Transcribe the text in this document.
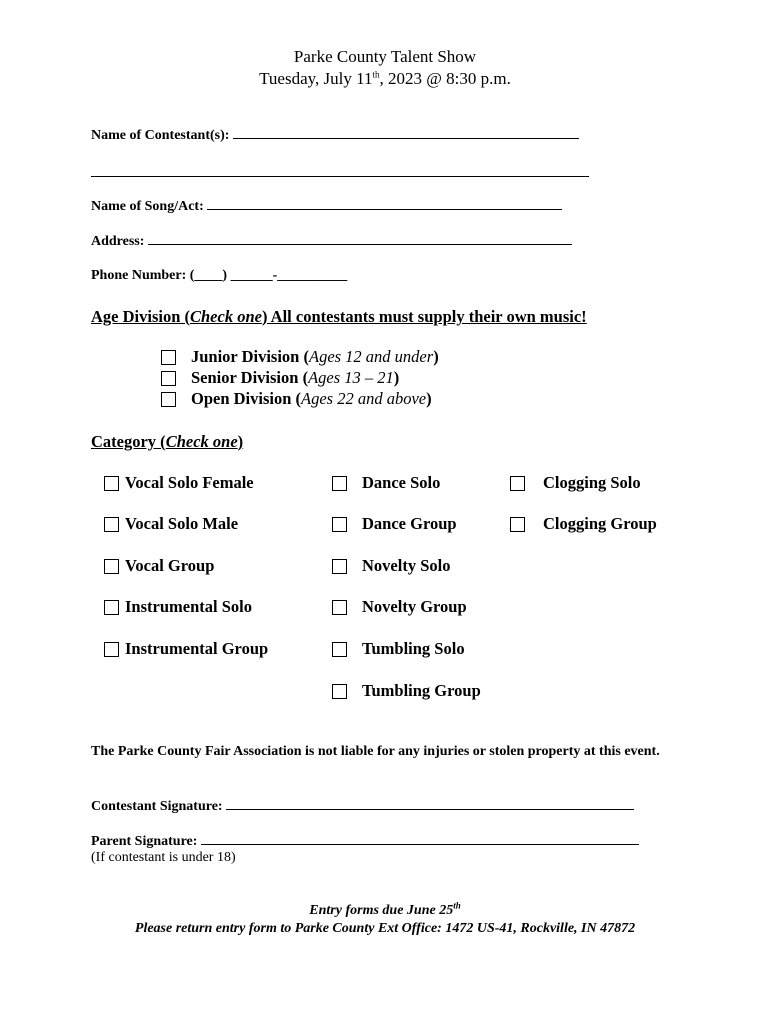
Parke County Talent Show
Tuesday, July 11th, 2023 @ 8:30 p.m.
Name of Contestant(s):
Name of Song/Act:
Address:
Phone Number: (____) ______-__________
Age Division (Check one) All contestants must supply their own music!
Junior Division (Ages 12 and under)
Senior Division (Ages 13 – 21)
Open Division (Ages 22 and above)
Category (Check one)
Vocal Solo Female
Vocal Solo Male
Vocal Group
Instrumental Solo
Instrumental Group
Dance Solo
Dance Group
Novelty Solo
Novelty Group
Tumbling Solo
Tumbling Group
Clogging Solo
Clogging Group
The Parke County Fair Association is not liable for any injuries or stolen property at this event.
Contestant Signature:
Parent Signature:
(If contestant is under 18)
Entry forms due June 25th
Please return entry form to Parke County Ext Office: 1472 US-41, Rockville, IN 47872
